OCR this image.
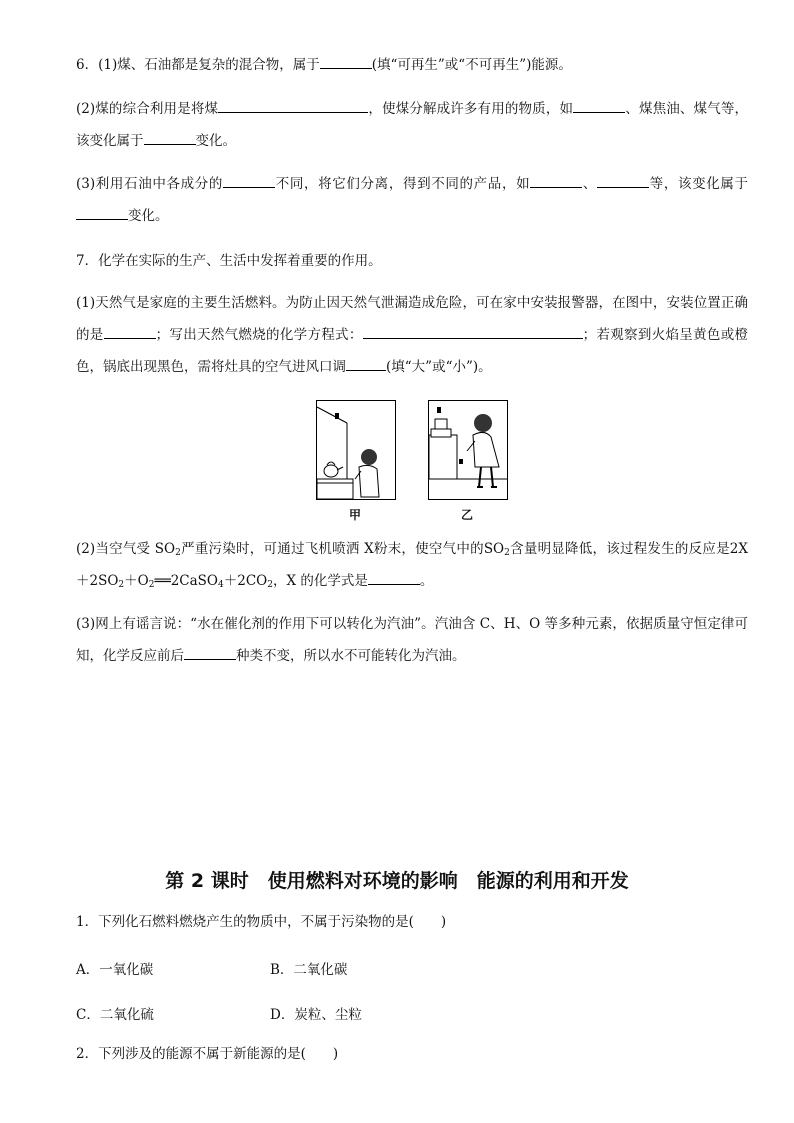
6．(1)煤、石油都是复杂的混合物，属于	(填“可再生”或“不可再生”)能源。

(2)煤的综合利用是将煤	，使煤分解成许多有用的物质，如	、煤焦油、煤气等，该变化属于	变化。

(3)利用石油中各成分的	不同，将它们分离，得到不同的产品，如	、	等，该变化属于变化。

7．化学在实际的生产、生活中发挥着重要的作用。

(1)天然气是家庭的主要生活燃料。为防止因天然气泄漏造成危险，可在家中安装报警器，在图中，安装位置正确的是	；写出天然气燃烧的化学方程式：	；若观察到火焰呈黄色或橙色，锅底出现黑色，需将灶具的空气进风口调	(填“大”或“小”)。

甲	乙

(2)当空气受 $SO_2$严重污染时，可通过飞机喷洒 X粉末，使空气中的$SO_2$含量明显降低，该过程发生的反应是$2X+2SO_2+O_2══2CaSO_4+2CO_2$，X 的化学式是	。

(3)网上有谣言说：“水在催化剂的作用下可以转化为汽油”。汽油含 C、H、O 等多种元素，依据质量守恒定律可知，化学反应前后	种类不变，所以水不可能转化为汽油。

第 2 课时　使用燃料对环境的影响　能源的利用和开发

1．下列化石燃料燃烧产生的物质中，不属于污染物的是(　　)

A．一氧化碳	B．二氧化碳
C．二氧化硫	D．炭粒、尘粒

2．下列涉及的能源不属于新能源的是(　　)
